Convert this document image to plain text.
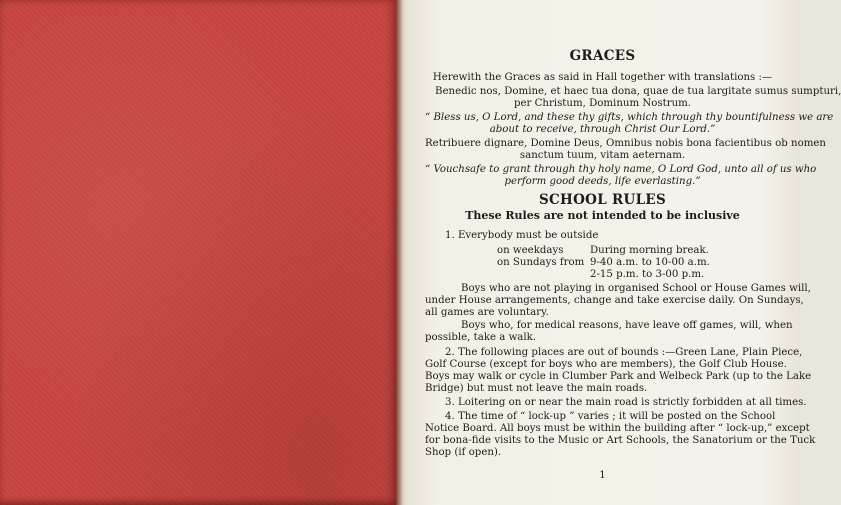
GRACES
Herewith the Graces as said in Hall together with translations :—
Benedic nos, Domine, et haec tua dona, quae de tua largitate sumus sumpturi,
per Christum, Dominum Nostrum.
“ Bless us, O Lord, and these thy gifts, which through thy bountifulness we are
about to receive, through Christ Our Lord.”
Retribuere dignare, Domine Deus, Omnibus nobis bona facientibus ob nomen
sanctum tuum, vitam aeternam.
“ Vouchsafe to grant through thy holy name, O Lord God, unto all of us who
perform good deeds, life everlasting.”
SCHOOL RULES
These Rules are not intended to be inclusive
1. Everybody must be outside
on weekdays	During morning break.
on Sundays from 9-40 a.m. to 10-00 a.m.
2-15 p.m. to 3-00 p.m.
Boys who are not playing in organised School or House Games will,
under House arrangements, change and take exercise daily. On Sundays,
all games are voluntary.
Boys who, for medical reasons, have leave off games, will, when
possible, take a walk.
2. The following places are out of bounds :—Green Lane, Plain Piece,
Golf Course (except for boys who are members), the Golf Club House.
Boys may walk or cycle in Clumber Park and Welbeck Park (up to the Lake
Bridge) but must not leave the main roads.
3. Loitering on or near the main road is strictly forbidden at all times.
4. The time of “ lock-up ” varies ; it will be posted on the School
Notice Board. All boys must be within the building after “ lock-up,” except
for bona-fide visits to the Music or Art Schools, the Sanatorium or the Tuck
Shop (if open).
1
